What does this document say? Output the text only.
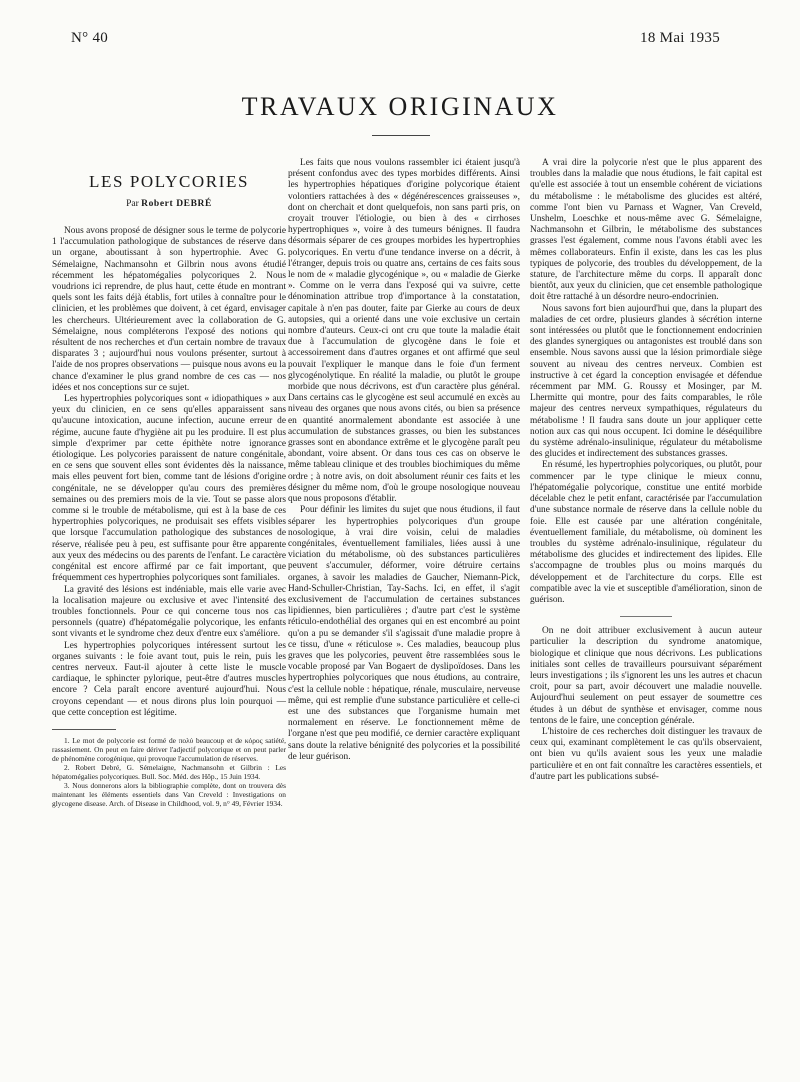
N° 40	18 Mai 1935
TRAVAUX ORIGINAUX
LES POLYCORIES
Par Robert DEBRÉ

Nous avons proposé de désigner sous le terme de polycorie 1 l'accumulation pathologique de substances de réserve dans un organe, aboutissant à son hypertrophie. Avec G. Sémelaigne, Nachmansohn et Gilbrin nous avons étudié récemment les hépatomégalies polycoriques 2. Nous voudrions ici reprendre, de plus haut, cette étude en montrant quels sont les faits déjà établis, fort utiles à connaître pour le clinicien, et les problèmes que doivent, à cet égard, envisager les chercheurs. Ultérieurement avec la collaboration de G. Sémelaigne, nous compléterons l'exposé des notions qui résultent de nos recherches et d'un certain nombre de travaux disparates 3 ; aujourd'hui nous voulons présenter, surtout à l'aide de nos propres observations — puisque nous avons eu la chance d'examiner le plus grand nombre de ces cas — nos idées et nos conceptions sur ce sujet.

Les hypertrophies polycoriques sont « idiopathiques » aux yeux du clinicien, en ce sens qu'elles apparaissent sans qu'aucune intoxication, aucune infection, aucune erreur de régime, aucune faute d'hygiène ait pu les produire. Il est plus simple d'exprimer par cette épithète notre ignorance étiologique. Les polycories paraissent de nature congénitale, en ce sens que souvent elles sont évidentes dès la naissance, mais elles peuvent fort bien, comme tant de lésions d'origine congénitale, ne se développer qu'au cours des premières semaines ou des premiers mois de la vie. Tout se passe alors comme si le trouble de métabolisme, qui est à la base de ces hypertrophies polycoriques, ne produisait ses effets visibles que lorsque l'accumulation pathologique des substances de réserve, réalisée peu à peu, est suffisante pour être apparente aux yeux des médecins ou des parents de l'enfant. Le caractère congénital est encore affirmé par ce fait important, que fréquemment ces hypertrophies polycoriques sont familiales.

La gravité des lésions est indéniable, mais elle varie avec la localisation majeure ou exclusive et avec l'intensité des troubles fonctionnels. Pour ce qui concerne tous nos cas personnels (quatre) d'hépatomégalie polycorique, les enfants sont vivants et le syndrome chez deux d'entre eux s'améliore.

Les hypertrophies polycoriques intéressent surtout les organes suivants : le foie avant tout, puis le rein, puis les centres nerveux. Faut-il ajouter à cette liste le muscle cardiaque, le sphincter pylorique, peut-être d'autres muscles encore ? Cela paraît encore aventuré aujourd'hui. Nous croyons cependant — et nous dirons plus loin pourquoi — que cette conception est légitime.

1. Le mot de polycorie est formé de πολύ beaucoup et de κόρος satiété, rassasiement. On peut en faire dériver l'adjectif polycorique et on peut parler de phénomène corogénique, qui provoque l'accumulation de réserves.

2. Robert Debré, G. Sémelaigne, Nachmansohn et Gilbrin : Les hépatomégalies polycoriques. Bull. Soc. Méd. des Hôp., 15 Juin 1934.

3. Nous donnerons alors la bibliographie complète, dont on trouvera dès maintenant les éléments essentiels dans Van Creveld : Investigations on glycogene disease. Arch. of Disease in Childhood, vol. 9, n° 49, Février 1934.

Les faits que nous voulons rassembler ici étaient jusqu'à présent confondus avec des types morbides différents. Ainsi les hypertrophies hépatiques d'origine polycorique étaient volontiers rattachées à des « dégénérescences graisseuses », dont on cherchait et dont quelquefois, non sans parti pris, on croyait trouver l'étiologie, ou bien à des « cirrhoses hypertrophiques », voire à des tumeurs bénignes. Il faudra désormais séparer de ces groupes morbides les hypertrophies polycoriques. En vertu d'une tendance inverse on a décrit, à l'étranger, depuis trois ou quatre ans, certains de ces faits sous le nom de « maladie glycogénique », ou « maladie de Gierke ». Comme on le verra dans l'exposé qui va suivre, cette dénomination attribue trop d'importance à la constatation, capitale à n'en pas douter, faite par Gierke au cours de deux autopsies, qui a orienté dans une voie exclusive un certain nombre d'auteurs. Ceux-ci ont cru que toute la maladie était due à l'accumulation de glycogène dans le foie et accessoirement dans d'autres organes et ont affirmé que seul pouvait l'expliquer le manque dans le foie d'un ferment glycogénolytique. En réalité la maladie, ou plutôt le groupe morbide que nous décrivons, est d'un caractère plus général. Dans certains cas le glycogène est seul accumulé en excès au niveau des organes que nous avons cités, ou bien sa présence en quantité anormalement abondante est associée à une accumulation de substances grasses, ou bien les substances grasses sont en abondance extrême et le glycogène paraît peu abondant, voire absent. Or dans tous ces cas on observe le même tableau clinique et des troubles biochimiques du même ordre ; à notre avis, on doit absolument réunir ces faits et les désigner du même nom, d'où le groupe nosologique nouveau que nous proposons d'établir.

Pour définir les limites du sujet que nous étudions, il faut séparer les hypertrophies polycoriques d'un groupe nosologique, à vrai dire voisin, celui de maladies congénitales, éventuellement familiales, liées aussi à une viciation du métabolisme, où des substances particulières peuvent s'accumuler, déformer, voire détruire certains organes, à savoir les maladies de Gaucher, Niemann-Pick, Hand-Schuller-Christian, Tay-Sachs. Ici, en effet, il s'agit exclusivement de l'accumulation de certaines substances lipidiennes, bien particulières ; d'autre part c'est le système réticulo-endothélial des organes qui en est encombré au point qu'on a pu se demander s'il s'agissait d'une maladie propre à ce tissu, d'une « réticulose ». Ces maladies, beaucoup plus graves que les polycories, peuvent être rassemblées sous le vocable proposé par Van Bogaert de dyslipoïdoses. Dans les hypertrophies polycoriques que nous étudions, au contraire, c'est la cellule noble : hépatique, rénale, musculaire, nerveuse même, qui est remplie d'une substance particulière et celle-ci est une des substances que l'organisme humain met normalement en réserve. Le fonctionnement même de l'organe n'est que peu modifié, ce dernier caractère expliquant sans doute la relative bénignité des polycories et la possibilité de leur guérison.

A vrai dire la polycorie n'est que le plus apparent des troubles dans la maladie que nous étudions, le fait capital est qu'elle est associée à tout un ensemble cohérent de viciations du métabolisme : le métabolisme des glucides est altéré, comme l'ont bien vu Parnass et Wagner, Van Creveld, Unshelm, Loeschke et nous-même avec G. Sémelaigne, Nachmansohn et Gilbrin, le métabolisme des substances grasses l'est également, comme nous l'avons établi avec les mêmes collaborateurs. Enfin il existe, dans les cas les plus typiques de polycorie, des troubles du développement, de la stature, de l'architecture même du corps. Il apparaît donc bientôt, aux yeux du clinicien, que cet ensemble pathologique doit être rattaché à un désordre neuro-endocrinien.

Nous savons fort bien aujourd'hui que, dans la plupart des maladies de cet ordre, plusieurs glandes à sécrétion interne sont intéressées ou plutôt que le fonctionnement endocrinien des glandes synergiques ou antagonistes est troublé dans son ensemble. Nous savons aussi que la lésion primordiale siège souvent au niveau des centres nerveux. Combien est instructive à cet égard la conception envisagée et défendue récemment par MM. G. Roussy et Mosinger, par M. Lhermitte qui montre, pour des faits comparables, le rôle majeur des centres nerveux sympathiques, régulateurs du métabolisme ! Il faudra sans doute un jour appliquer cette notion aux cas qui nous occupent. Ici domine le déséquilibre du système adrénalo-insulinique, régulateur du métabolisme des glucides et indirectement des substances grasses.

En résumé, les hypertrophies polycoriques, ou plutôt, pour commencer par le type clinique le mieux connu, l'hépatomégalie polycorique, constitue une entité morbide décelable chez le petit enfant, caractérisée par l'accumulation d'une substance normale de réserve dans la cellule noble du foie. Elle est causée par une altération congénitale, éventuellement familiale, du métabolisme, où dominent les troubles du système adrénalo-insulinique, régulateur du métabolisme des glucides et indirectement des lipides. Elle s'accompagne de troubles plus ou moins marqués du développement et de l'architecture du corps. Elle est compatible avec la vie et susceptible d'amélioration, sinon de guérison.

On ne doit attribuer exclusivement à aucun auteur particulier la description du syndrome anatomique, biologique et clinique que nous décrivons. Les publications initiales sont celles de travailleurs poursuivant séparément leurs investigations ; ils s'ignorent les uns les autres et chacun croit, pour sa part, avoir découvert une maladie nouvelle. Aujourd'hui seulement on peut essayer de soumettre ces études à un début de synthèse et envisager, comme nous tentons de le faire, une conception générale.

L'histoire de ces recherches doit distinguer les travaux de ceux qui, examinant complètement le cas qu'ils observaient, ont bien vu qu'ils avaient sous les yeux une maladie particulière et en ont fait connaître les caractères essentiels, et d'autre part les publications subsé-
